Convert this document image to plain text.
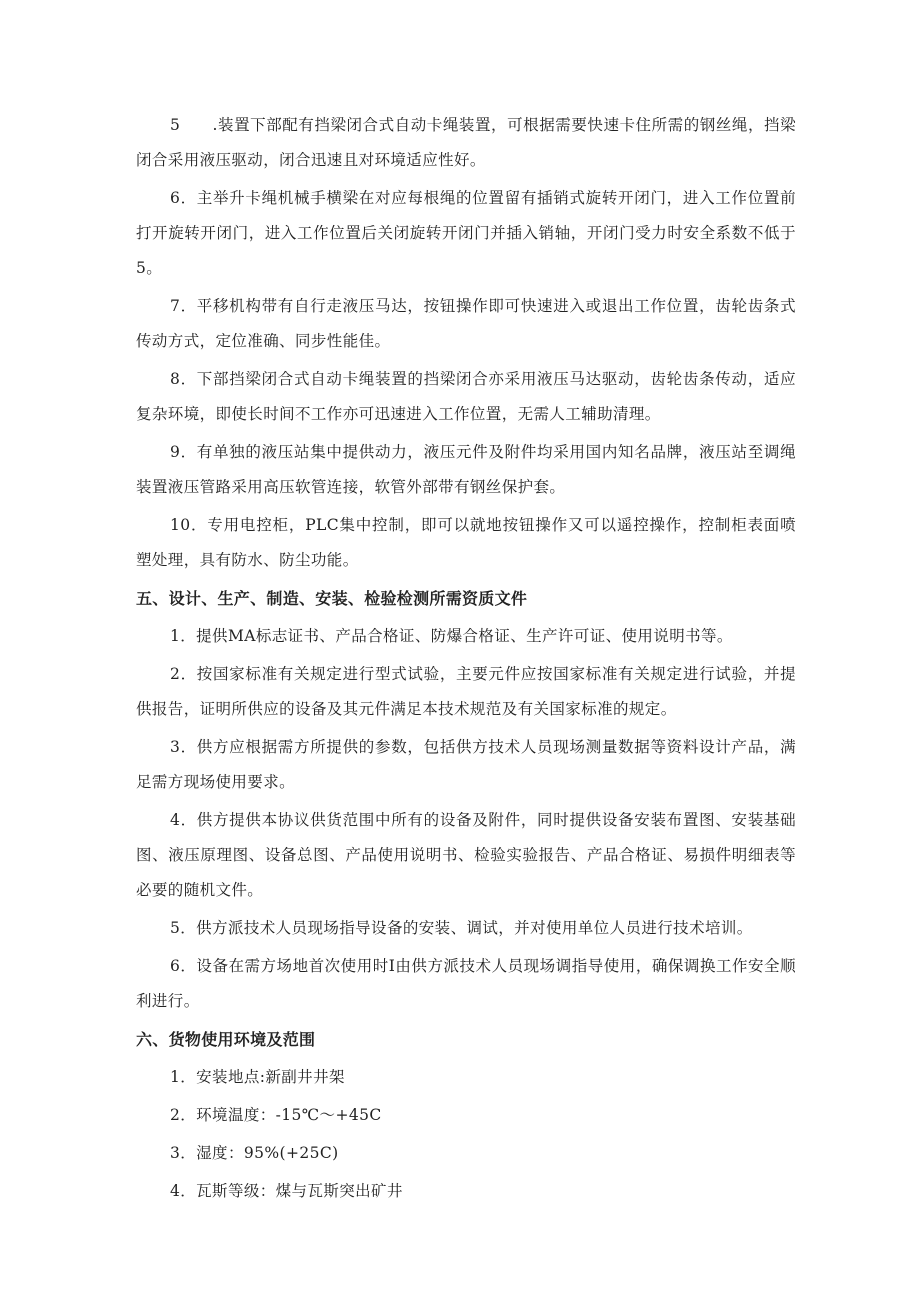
5　　.装置下部配有挡梁闭合式自动卡绳装置，可根据需要快速卡住所需的钢丝绳，挡梁闭合采用液压驱动，闭合迅速且对环境适应性好。

6．主举升卡绳机械手横梁在对应每根绳的位置留有插销式旋转开闭门，进入工作位置前打开旋转开闭门，进入工作位置后关闭旋转开闭门并插入销轴，开闭门受力时安全系数不低于5。

7．平移机构带有自行走液压马达，按钮操作即可快速进入或退出工作位置，齿轮齿条式传动方式，定位准确、同步性能佳。

8．下部挡梁闭合式自动卡绳装置的挡梁闭合亦采用液压马达驱动，齿轮齿条传动，适应复杂环境，即使长时间不工作亦可迅速进入工作位置，无需人工辅助清理。

9．有单独的液压站集中提供动力，液压元件及附件均采用国内知名品牌，液压站至调绳装置液压管路采用高压软管连接，软管外部带有钢丝保护套。

10．专用电控柜，PLC集中控制，即可以就地按钮操作又可以遥控操作，控制柜表面喷塑处理，具有防水、防尘功能。

五、设计、生产、制造、安装、检验检测所需资质文件

1．提供MA标志证书、产品合格证、防爆合格证、生产许可证、使用说明书等。

2．按国家标准有关规定进行型式试验，主要元件应按国家标准有关规定进行试验，并提供报告，证明所供应的设备及其元件满足本技术规范及有关国家标准的规定。

3．供方应根据需方所提供的参数，包括供方技术人员现场测量数据等资料设计产品，满足需方现场使用要求。

4．供方提供本协议供货范围中所有的设备及附件，同时提供设备安装布置图、安装基础图、液压原理图、设备总图、产品使用说明书、检验实验报告、产品合格证、易损件明细表等必要的随机文件。

5．供方派技术人员现场指导设备的安装、调试，并对使用单位人员进行技术培训。

6．设备在需方场地首次使用时I由供方派技术人员现场调指导使用，确保调换工作安全顺利进行。

六、货物使用环境及范围

1．安装地点:新副井井架

2．环境温度：-15℃～+45C

3．湿度：95%(+25C)

4．瓦斯等级：煤与瓦斯突出矿井
